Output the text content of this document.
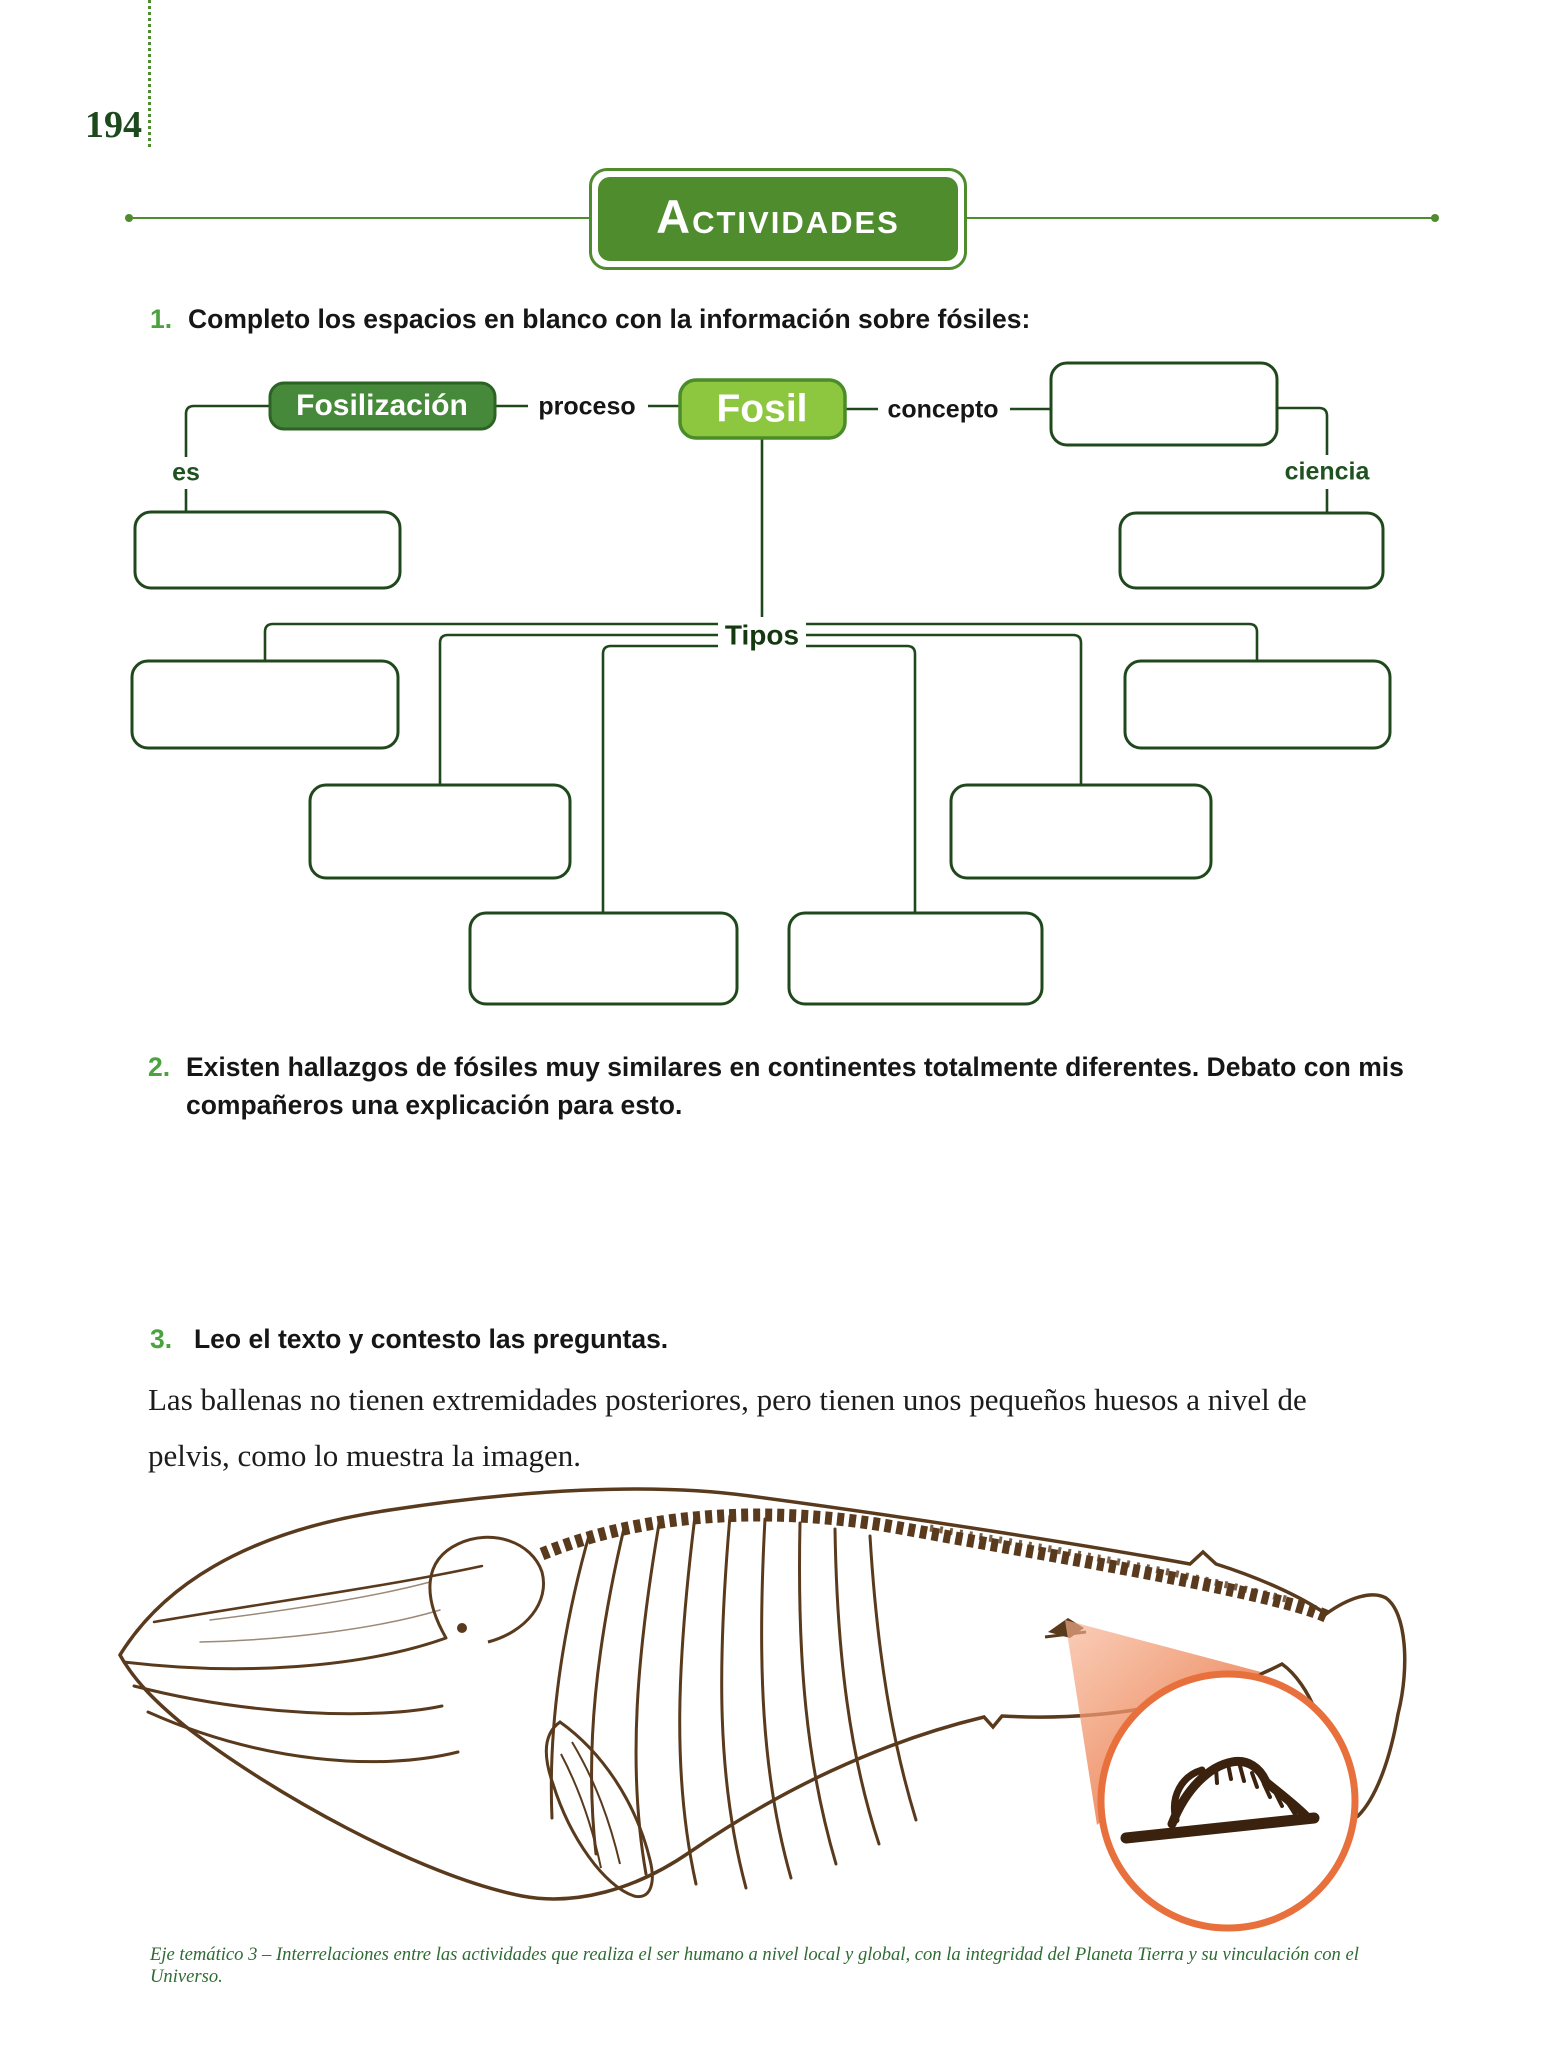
194
ACTIVIDADES
1. Completo los espacios en blanco con la información sobre fósiles:
Fosilización	Fosil
proceso	concepto
es	ciencia
Tipos
2. Existen hallazgos de fósiles muy similares en continentes totalmente diferentes. Debato con mis compañeros una explicación para esto.
3. Leo el texto y contesto las preguntas.
Las ballenas no tienen extremidades posteriores, pero tienen unos pequeños huesos a nivel de pelvis, como lo muestra la imagen.
Eje temático 3 – Interrelaciones entre las actividades que realiza el ser humano a nivel local y global, con la integridad del Planeta Tierra y su vinculación con el Universo.
